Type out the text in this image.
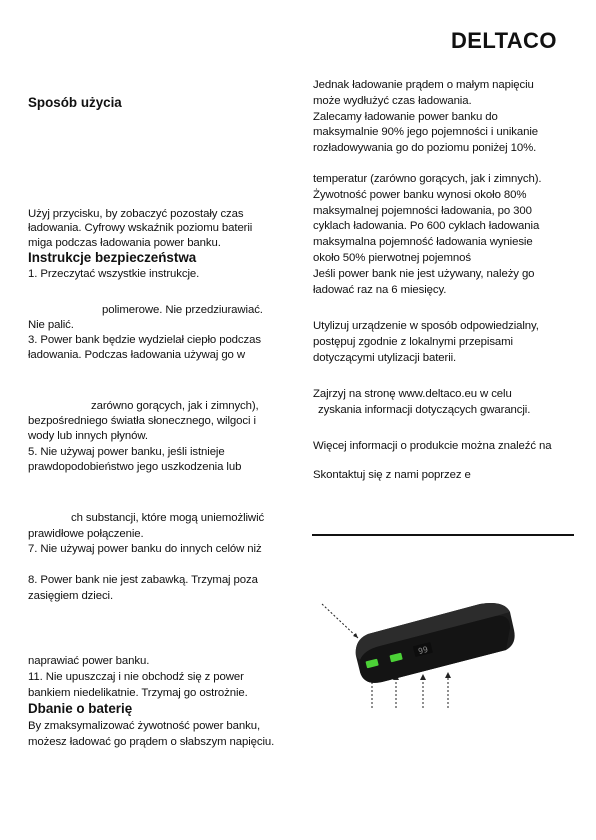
DELTACO
Sposób użycia
Użyj przycisku, by zobaczyć pozostały czas
ładowania. Cyfrowy wskaźnik poziomu baterii
miga podczas ładowania power banku.
Instrukcje bezpieczeństwa
1. Przeczytać wszystkie instrukcje.
polimerowe. Nie przedziurawiać.
Nie palić.
3. Power bank będzie wydzielał ciepło podczas
ładowania. Podczas ładowania używaj go w
zarówno gorących, jak i zimnych),
bezpośredniego światła słonecznego, wilgoci i
wody lub innych płynów.
5. Nie używaj power banku, jeśli istnieje
prawdopodobieństwo jego uszkodzenia lub
ch substancji, które mogą uniemożliwić
prawidłowe połączenie.
7. Nie używaj power banku do innych celów niż
8. Power bank nie jest zabawką. Trzymaj poza
zasięgiem dzieci.
naprawiać power banku.
11. Nie upuszczaj i nie obchodź się z power
bankiem niedelikatnie. Trzymaj go ostrożnie.
Dbanie o baterię
By zmaksymalizować żywotność power banku,
możesz ładować go prądem o słabszym napięciu.
Jednak ładowanie prądem o małym napięciu
może wydłużyć czas ładowania.
Zalecamy ładowanie power banku do
maksymalnie 90% jego pojemności i unikanie
rozładowywania go do poziomu poniżej 10%.
temperatur (zarówno gorących, jak i zimnych).
Żywotność power banku wynosi około 80%
maksymalnej pojemności ładowania, po 300
cyklach ładowania. Po 600 cyklach ładowania
maksymalna pojemność ładowania wyniesie
około 50% pierwotnej pojemnoś
Jeśli power bank nie jest używany, należy go
ładować raz na 6 miesięcy.
Utylizuj urządzenie w sposób odpowiedzialny,
postępuj zgodnie z lokalnymi przepisami
dotyczącymi utylizacji baterii.
Zajrzyj na stronę www.deltaco.eu w celu
zyskania informacji dotyczących gwarancji.
Więcej informacji o produkcie można znaleźć na
Skontaktuj się z nami poprzez e
99
